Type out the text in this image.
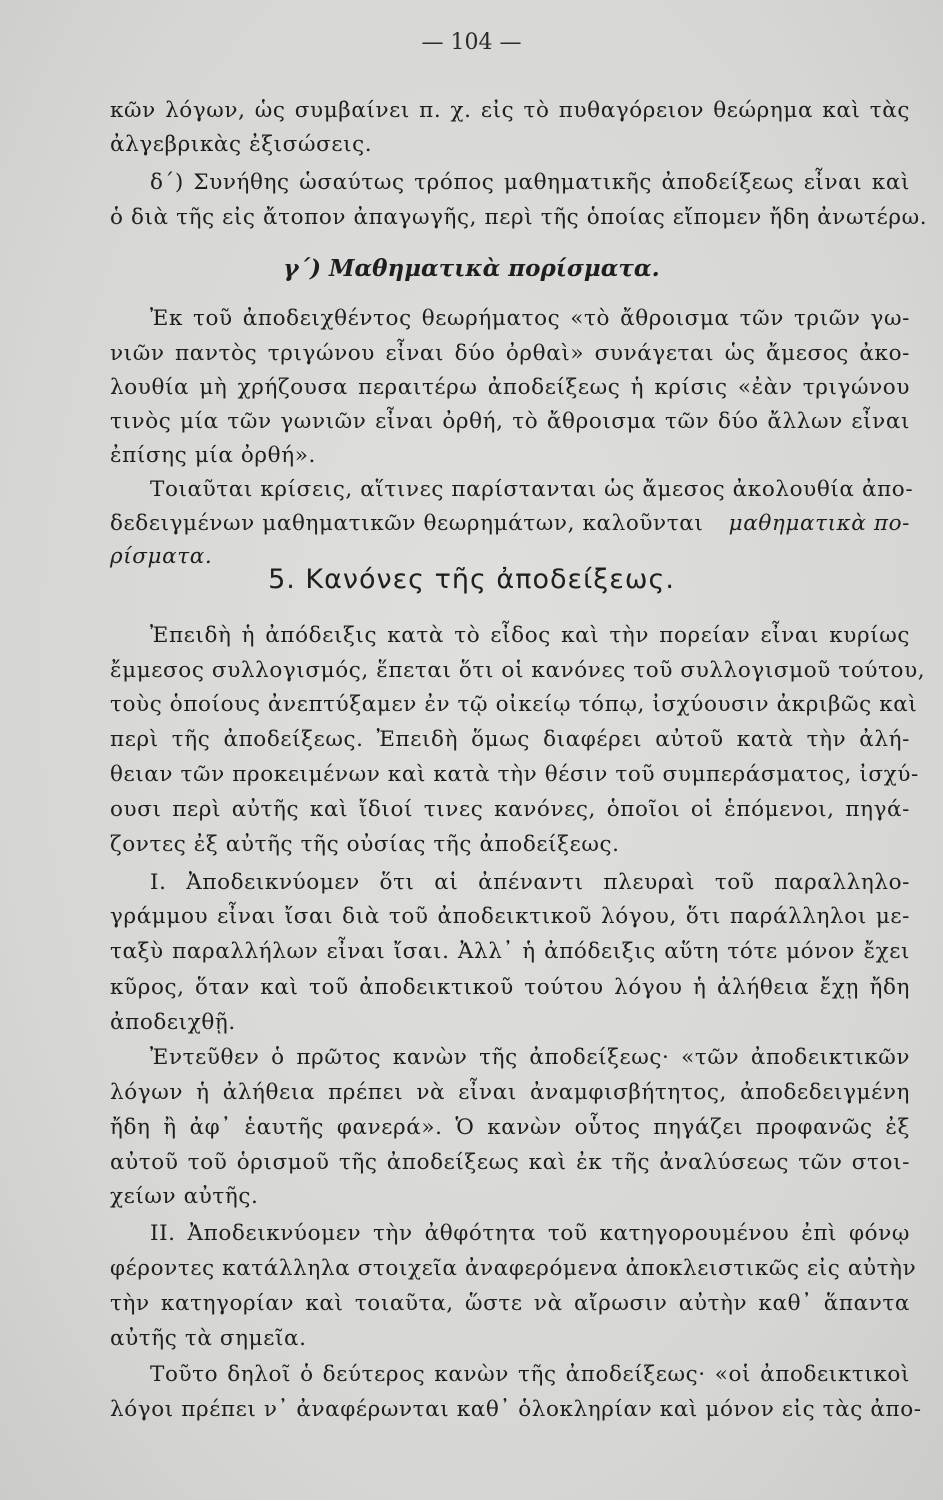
— 104 —
κῶν λόγων, ὡς συμβαίνει π. χ. εἰς τὸ πυθαγόρειον θεώρημα καὶ τὰς
ἀλγεβρικὰς ἐξισώσεις.
δ΄) Συνήθης ὡσαύτως τρόπος μαθηματικῆς ἀποδείξεως εἶναι καὶ
ὁ διὰ τῆς εἰς ἄτοπον ἀπαγωγῆς, περὶ τῆς ὁποίας εἴπομεν ἤδη ἀνωτέρω.
γ΄) Μαθηματικὰ πορίσματα.
Ἐκ τοῦ ἀποδειχθέντος θεωρήματος «τὸ ἄθροισμα τῶν τριῶν γω-
νιῶν παντὸς τριγώνου εἶναι δύο ὀρθαὶ» συνάγεται ὡς ἄμεσος ἀκο-
λουθία μὴ χρήζουσα περαιτέρω ἀποδείξεως ἡ κρίσις «ἐὰν τριγώνου
τινὸς μία τῶν γωνιῶν εἶναι ὀρθή, τὸ ἄθροισμα τῶν δύο ἄλλων εἶναι
ἐπίσης μία ὀρθή».
Τοιαῦται κρίσεις, αἵτινες παρίστανται ὡς ἄμεσος ἀκολουθία ἀπο-
δεδειγμένων μαθηματικῶν θεωρημάτων, καλοῦνται μαθηματικὰ πο-
ρίσματα.
5. Κανόνες τῆς ἀποδείξεως.
Ἐπειδὴ ἡ ἀπόδειξις κατὰ τὸ εἶδος καὶ τὴν πορείαν εἶναι κυρίως
ἔμμεσος συλλογισμός, ἕπεται ὅτι οἱ κανόνες τοῦ συλλογισμοῦ τούτου,
τοὺς ὁποίους ἀνεπτύξαμεν ἐν τῷ οἰκείῳ τόπῳ, ἰσχύουσιν ἀκριβῶς καὶ
περὶ τῆς ἀποδείξεως. Ἐπειδὴ ὅμως διαφέρει αὐτοῦ κατὰ τὴν ἀλή-
θειαν τῶν προκειμένων καὶ κατὰ τὴν θέσιν τοῦ συμπεράσματος, ἰσχύ-
ουσι περὶ αὐτῆς καὶ ἴδιοί τινες κανόνες, ὁποῖοι οἱ ἑπόμενοι, πηγά-
ζοντες ἐξ αὐτῆς τῆς οὐσίας τῆς ἀποδείξεως.
I. Ἀποδεικνύομεν ὅτι αἱ ἀπέναντι πλευραὶ τοῦ παραλληλο-
γράμμου εἶναι ἴσαι διὰ τοῦ ἀποδεικτικοῦ λόγου, ὅτι παράλληλοι με-
ταξὺ παραλλήλων εἶναι ἴσαι. Ἀλλ᾽ ἡ ἀπόδειξις αὕτη τότε μόνον ἔχει
κῦρος, ὅταν καὶ τοῦ ἀποδεικτικοῦ τούτου λόγου ἡ ἀλήθεια ἔχῃ ἤδη
ἀποδειχθῇ.
Ἐντεῦθεν ὁ πρῶτος κανὼν τῆς ἀποδείξεως· «τῶν ἀποδεικτικῶν
λόγων ἡ ἀλήθεια πρέπει νὰ εἶναι ἀναμφισβήτητος, ἀποδεδειγμένη
ἤδη ἢ ἀφ᾽ ἑαυτῆς φανερά». Ὁ κανὼν οὗτος πηγάζει προφανῶς ἐξ
αὐτοῦ τοῦ ὁρισμοῦ τῆς ἀποδείξεως καὶ ἐκ τῆς ἀναλύσεως τῶν στοι-
χείων αὐτῆς.
II. Ἀποδεικνύομεν τὴν ἀθφότητα τοῦ κατηγορουμένου ἐπὶ φόνῳ
φέροντες κατάλληλα στοιχεῖα ἀναφερόμενα ἀποκλειστικῶς εἰς αὐτὴν
τὴν κατηγορίαν καὶ τοιαῦτα, ὥστε νὰ αἴρωσιν αὐτὴν καθ᾽ ἅπαντα
αὐτῆς τὰ σημεῖα.
Τοῦτο δηλοῖ ὁ δεύτερος κανὼν τῆς ἀποδείξεως· «οἱ ἀποδεικτικοὶ
λόγοι πρέπει ν᾽ ἀναφέρωνται καθ᾽ ὁλοκληρίαν καὶ μόνον εἰς τὰς ἀπο-
